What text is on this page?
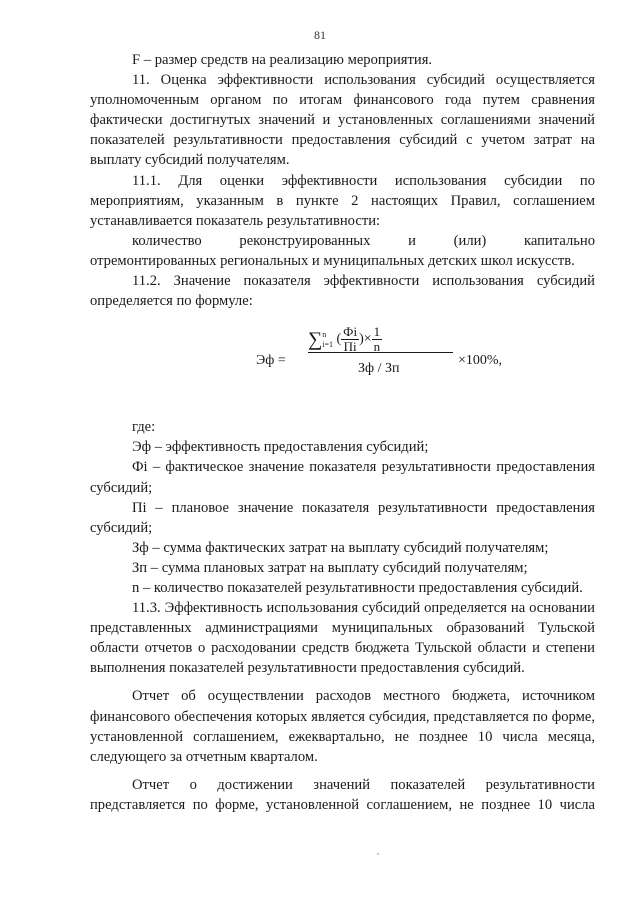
81

F – размер средств на реализацию мероприятия.

11. Оценка эффективности использования субсидий осуществляется уполномоченным органом по итогам финансового года путем сравнения фактически достигнутых значений и установленных соглашениями значений показателей результативности предоставления субсидий с учетом затрат на выплату субсидий получателям.

11.1. Для оценки эффективности использования субсидии по мероприятиям, указанным в пункте 2 настоящих Правил, соглашением устанавливается показатель результативности:

количество реконструированных и (или) капитально

отремонтированных региональных и муниципальных детских школ искусств.

11.2. Значение показателя эффективности использования субсидий определяется по формуле:

Эф =
∑n
i=1 ( $\frac{Фi}{Пi}$ )× $\frac{1}{n}$
Зф / Зп
×100%,

где:

Эф – эффективность предоставления субсидий;

Фi – фактическое значение показателя результативности предоставления субсидий;

Пi – плановое значение показателя результативности предоставления субсидий;

Зф – сумма фактических затрат на выплату субсидий получателям;

Зп – сумма плановых затрат на выплату субсидий получателям;

n – количество показателей результативности предоставления субсидий.

11.3. Эффективность использования субсидий определяется на основании представленных администрациями муниципальных образований Тульской области отчетов о расходовании средств бюджета Тульской области и степени выполнения показателей результативности предоставления субсидий.

Отчет об осуществлении расходов местного бюджета, источником финансового обеспечения которых является субсидия, представляется по форме, установленной соглашением, ежеквартально, не позднее 10 числа месяца, следующего за отчетным кварталом.

Отчет о достижении значений показателей результативности представляется по форме, установленной соглашением, не позднее 10 числа
